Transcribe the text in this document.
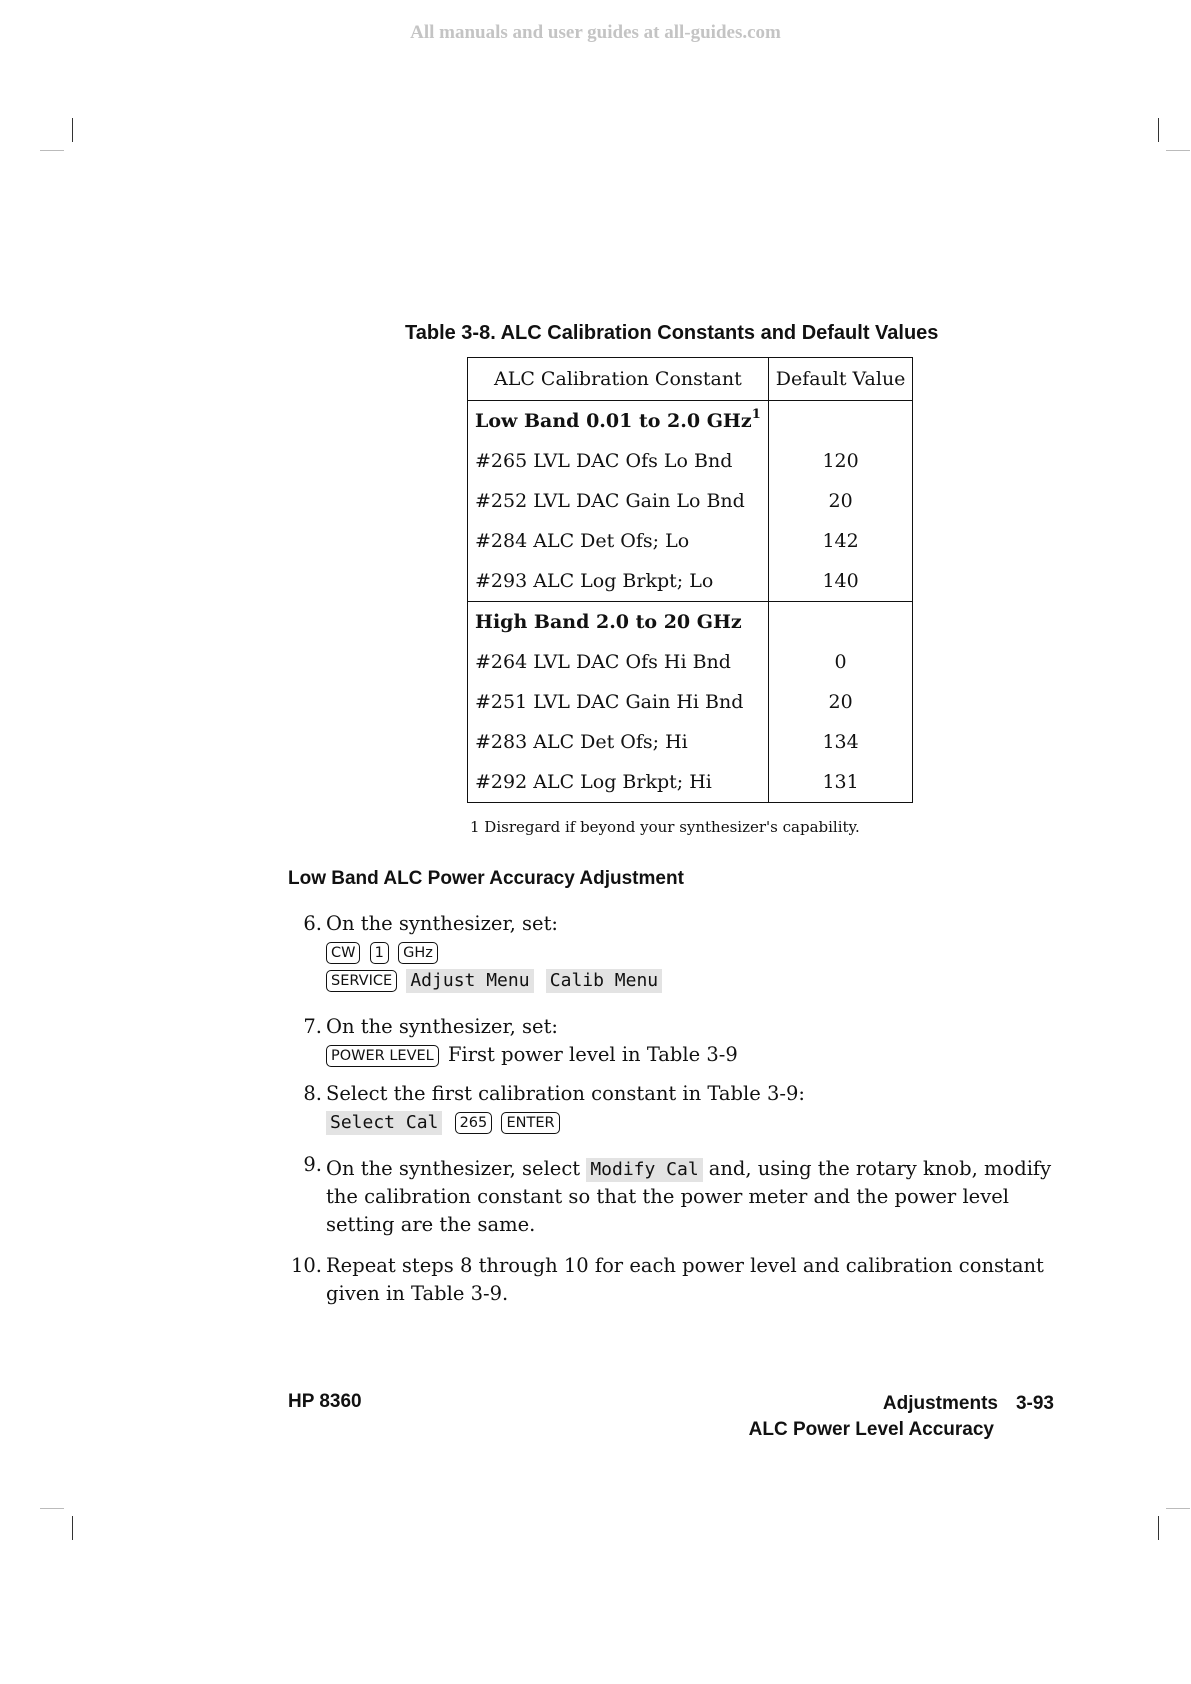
All manuals and user guides at all-guides.com
Table 3-8. ALC Calibration Constants and Default Values
ALC Calibration Constant	Default Value
Low Band 0.01 to 2.0 GHz$^1$	
#265 LVL DAC Ofs Lo Bnd	120
#252 LVL DAC Gain Lo Bnd	20
#284 ALC Det Ofs; Lo	142
#293 ALC Log Brkpt; Lo	140
High Band 2.0 to 20 GHz	
#264 LVL DAC Ofs Hi Bnd	0
#251 LVL DAC Gain Hi Bnd	20
#283 ALC Det Ofs; Hi	134
#292 ALC Log Brkpt; Hi	131
1 Disregard if beyond your synthesizer's capability.
Low Band ALC Power Accuracy Adjustment
6. On the synthesizer, set:
CW 1 GHz
SERVICE Adjust Menu Calib Menu
7. On the synthesizer, set:
POWER LEVEL First power level in Table 3-9
8. Select the first calibration constant in Table 3-9:
Select Cal 265 ENTER
9. On the synthesizer, select Modify Cal and, using the rotary knob, modify
the calibration constant so that the power meter and the power level
setting are the same.
10. Repeat steps 8 through 10 for each power level and calibration constant
given in Table 3-9.
HP 8360	Adjustments 3-93
ALC Power Level Accuracy
